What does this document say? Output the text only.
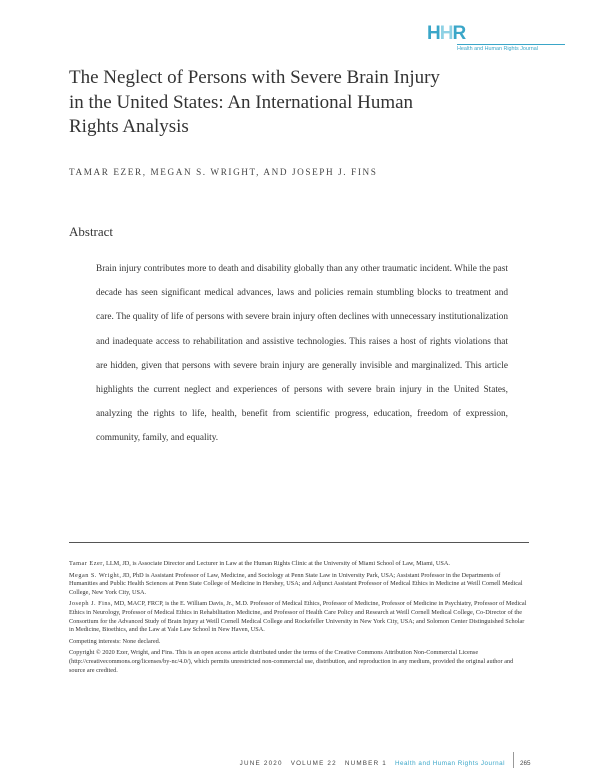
HHR
Health and Human Rights Journal
The Neglect of Persons with Severe Brain Injury in the United States: An International Human Rights Analysis
TAMAR EZER, MEGAN S. WRIGHT, AND JOSEPH J. FINS
Abstract

Brain injury contributes more to death and disability globally than any other traumatic incident. While the past decade has seen significant medical advances, laws and policies remain stumbling blocks to treatment and care. The quality of life of persons with severe brain injury often declines with unnecessary institutionalization and inadequate access to rehabilitation and assistive technologies. This raises a host of rights violations that are hidden, given that persons with severe brain injury are generally invisible and marginalized. This article highlights the current neglect and experiences of persons with severe brain injury in the United States, analyzing the rights to life, health, benefit from scientific progress, education, freedom of expression, community, family, and equality.

Tamar Ezer, LLM, JD, is Associate Director and Lecturer in Law at the Human Rights Clinic at the University of Miami School of Law, Miami, USA.

Megan S. Wright, JD, PhD is Assistant Professor of Law, Medicine, and Sociology at Penn State Law in University Park, USA; Assistant Professor in the Departments of Humanities and Public Health Sciences at Penn State College of Medicine in Hershey, USA; and Adjunct Assistant Professor of Medical Ethics in Medicine at Weill Cornell Medical College, New York City, USA.

Joseph J. Fins, MD, MACP, FRCP, is the E. William Davis, Jr., M.D. Professor of Medical Ethics, Professor of Medicine, Professor of Medicine in Psychiatry, Professor of Medical Ethics in Neurology, Professor of Medical Ethics in Rehabilitation Medicine, and Professor of Health Care Policy and Research at Weill Cornell Medical College, Co-Director of the Consortium for the Advanced Study of Brain Injury at Weill Cornell Medical College and Rockefeller University in New York City, USA; and Solomon Center Distinguished Scholar in Medicine, Bioethics, and the Law at Yale Law School in New Haven, USA.

Competing interests: None declared.

Copyright © 2020 Ezer, Wright, and Fins. This is an open access article distributed under the terms of the Creative Commons Attribution Non-Commercial License (http://creativecommons.org/licenses/by-nc/4.0/), which permits unrestricted non-commercial use, distribution, and reproduction in any medium, provided the original author and source are credited.

JUNE 2020 VOLUME 22 NUMBER 1 Health and Human Rights Journal 265
